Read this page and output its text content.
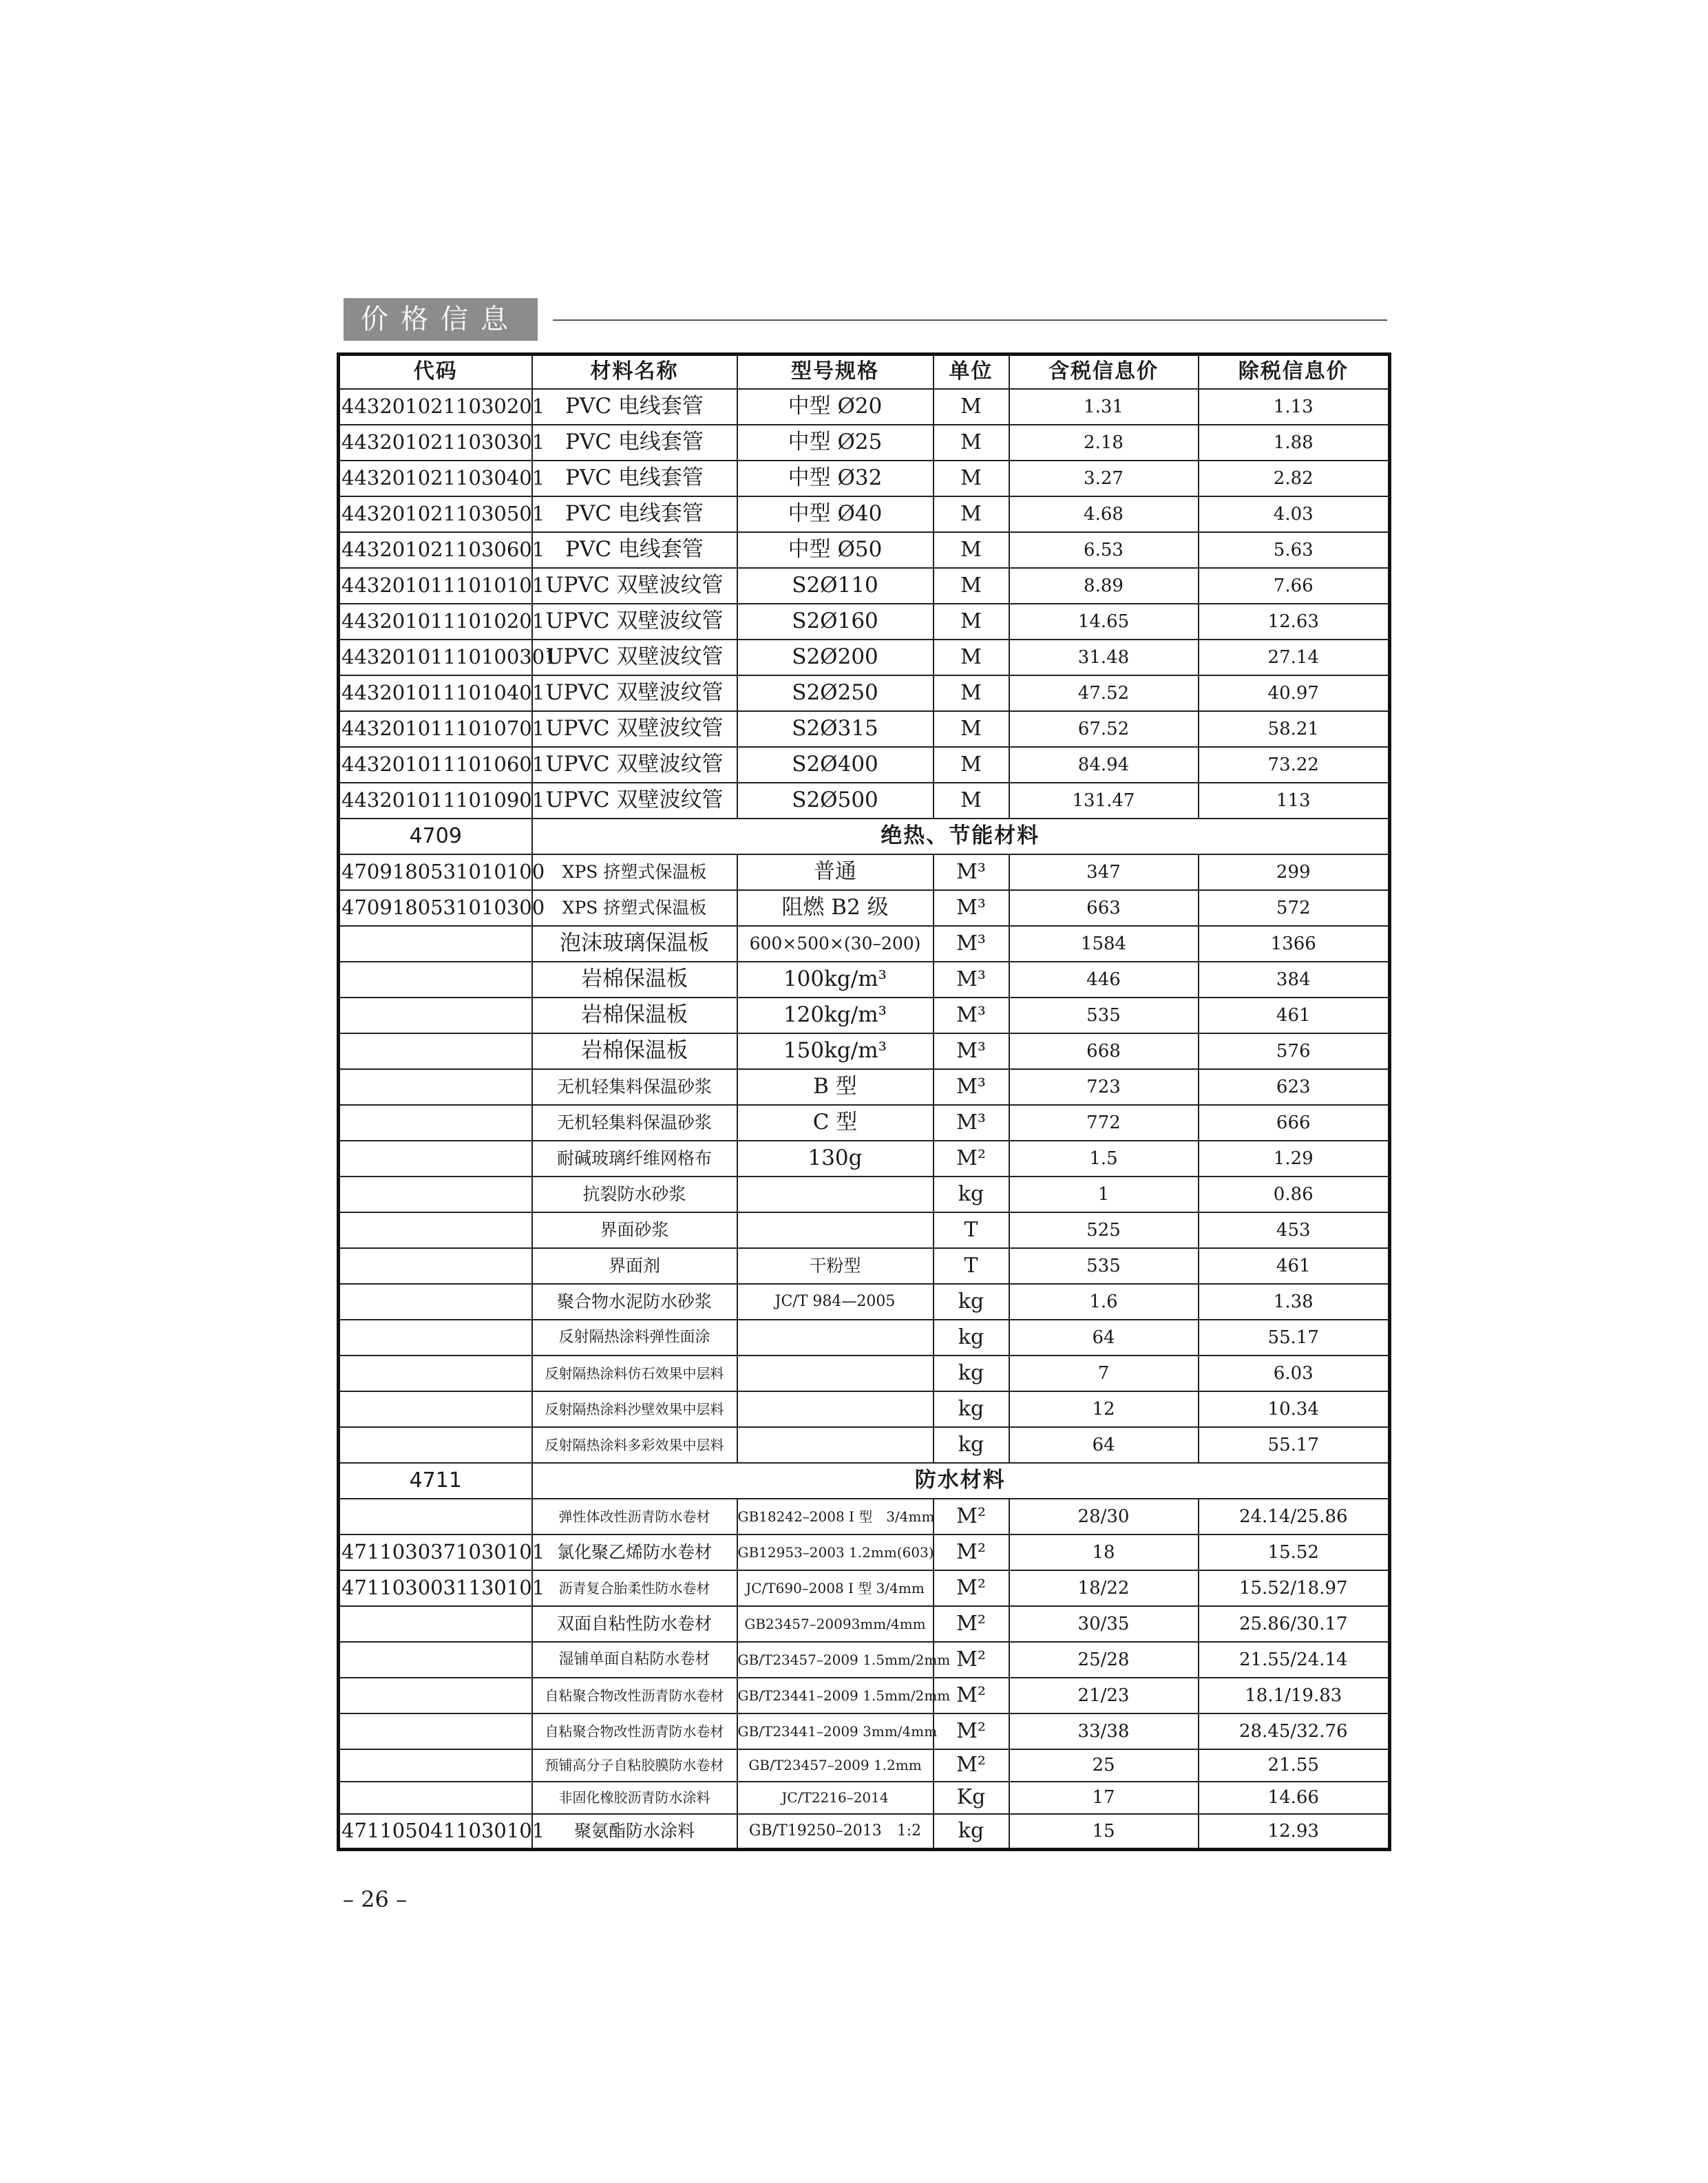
价格信息
代码	材料名称	型号规格	单位	含税信息价	除税信息价
4432010211030201	PVC 电线套管	中型 Ø20	M	1.31	1.13
4432010211030301	PVC 电线套管	中型 Ø25	M	2.18	1.88
4432010211030401	PVC 电线套管	中型 Ø32	M	3.27	2.82
4432010211030501	PVC 电线套管	中型 Ø40	M	4.68	4.03
4432010211030601	PVC 电线套管	中型 Ø50	M	6.53	5.63
4432010111010101	UPVC 双壁波纹管	S2Ø110	M	8.89	7.66
4432010111010201	UPVC 双壁波纹管	S2Ø160	M	14.65	12.63
44320101110100301	UPVC 双壁波纹管	S2Ø200	M	31.48	27.14
4432010111010401	UPVC 双壁波纹管	S2Ø250	M	47.52	40.97
4432010111010701	UPVC 双壁波纹管	S2Ø315	M	67.52	58.21
4432010111010601	UPVC 双壁波纹管	S2Ø400	M	84.94	73.22
4432010111010901	UPVC 双壁波纹管	S2Ø500	M	131.47	113
4709	绝热、节能材料				
4709180531010100	XPS 挤塑式保温板	普通	M³	347	299
4709180531010300	XPS 挤塑式保温板	阻燃 B2 级	M³	663	572
	泡沫玻璃保温板	600×500×(30–200)	M³	1584	1366
	岩棉保温板	100kg/m³	M³	446	384
	岩棉保温板	120kg/m³	M³	535	461
	岩棉保温板	150kg/m³	M³	668	576
	无机轻集料保温砂浆	B 型	M³	723	623
	无机轻集料保温砂浆	C 型	M³	772	666
	耐碱玻璃纤维网格布	130g	M²	1.5	1.29
	抗裂防水砂浆		kg	1	0.86
	界面砂浆		T	525	453
	界面剂	干粉型	T	535	461
	聚合物水泥防水砂浆	JC/T 984—2005	kg	1.6	1.38
	反射隔热涂料弹性面涂		kg	64	55.17
	反射隔热涂料仿石效果中层料		kg	7	6.03
	反射隔热涂料沙壁效果中层料		kg	12	10.34
	反射隔热涂料多彩效果中层料		kg	64	55.17
4711	防水材料				
	弹性体改性沥青防水卷材	GB18242–2008 I 型　3/4mm	M²	28/30	24.14/25.86
4711030371030101	氯化聚乙烯防水卷材	GB12953–2003 1.2mm(603)	M²	18	15.52
4711030031130101	沥青复合胎柔性防水卷材	JC/T690–2008 I 型 3/4mm	M²	18/22	15.52/18.97
	双面自粘性防水卷材	GB23457–20093mm/4mm	M²	30/35	25.86/30.17
	湿铺单面自粘防水卷材	GB/T23457–2009 1.5mm/2mm	M²	25/28	21.55/24.14
	自粘聚合物改性沥青防水卷材	GB/T23441–2009 1.5mm/2mm	M²	21/23	18.1/19.83
	自粘聚合物改性沥青防水卷材	GB/T23441–2009 3mm/4mm	M²	33/38	28.45/32.76
	预铺高分子自粘胶膜防水卷材	GB/T23457–2009 1.2mm	M²	25	21.55
	非固化橡胶沥青防水涂料	JC/T2216–2014	Kg	17	14.66
4711050411030101	聚氨酯防水涂料	GB/T19250–2013　1:2	kg	15	12.93
– 26 –
